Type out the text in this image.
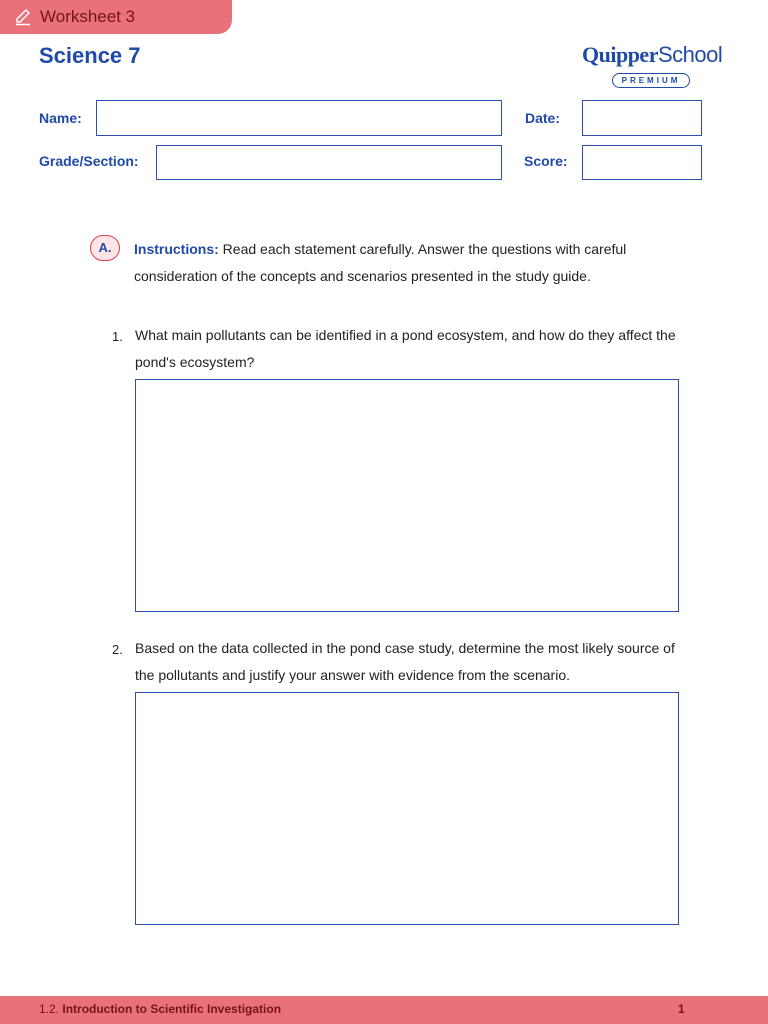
Worksheet 3
Science 7	QuipperSchool
PREMIUM
Name:	Date:
Grade/Section:	Score:
A.	Instructions: Read each statement carefully. Answer the questions with careful consideration of the concepts and scenarios presented in the study guide.
1. What main pollutants can be identified in a pond ecosystem, and how do they affect the pond's ecosystem?
2. Based on the data collected in the pond case study, determine the most likely source of the pollutants and justify your answer with evidence from the scenario.
1.2. Introduction to Scientific Investigation	1
